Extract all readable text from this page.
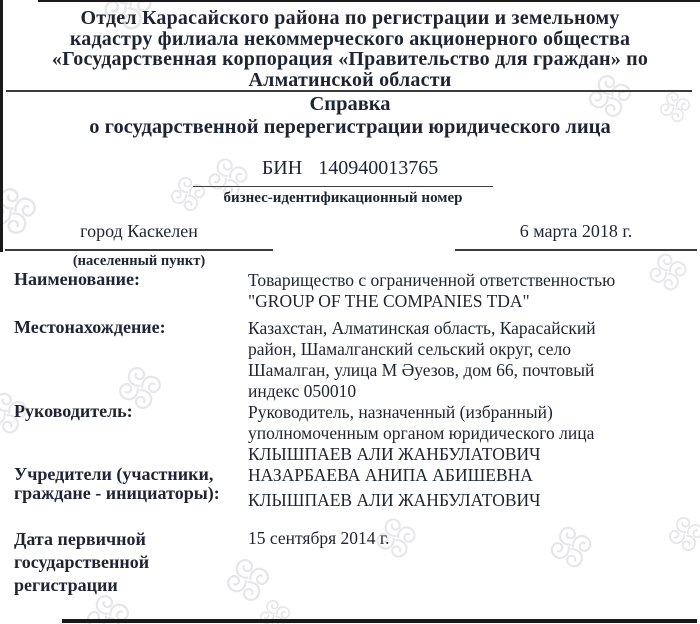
Отдел Карасайского района по регистрации и земельному
кадастру филиала некоммерческого акционерного общества
«Государственная корпорация «Правительство для граждан» по
Алматинской области
Справка
о государственной перерегистрации юридического лица
БИН 140940013765
бизнес-идентификационный номер
город Каскелен
(населенный пункт)
6 марта 2018 г.
Наименование:	Товарищество с ограниченной ответственностью
"GROUP OF THE COMPANIES TDA"
Местонахождение:	Казахстан, Алматинская область, Карасайский
район, Шамалганский сельский округ, село
Шамалган, улица М Әуезов, дом 66, почтовый
индекс 050010
Руководитель:	Руководитель, назначенный (избранный)
уполномоченным органом юридического лица
КЛЫШПАЕВ АЛИ ЖАНБУЛАТОВИЧ
Учредители (участники,
граждане - инициаторы):
НАЗАРБАЕВА АНИПА АБИШЕВНА
КЛЫШПАЕВ АЛИ ЖАНБУЛАТОВИЧ
Дата первичной
государственной
регистрации
15 сентября 2014 г.
